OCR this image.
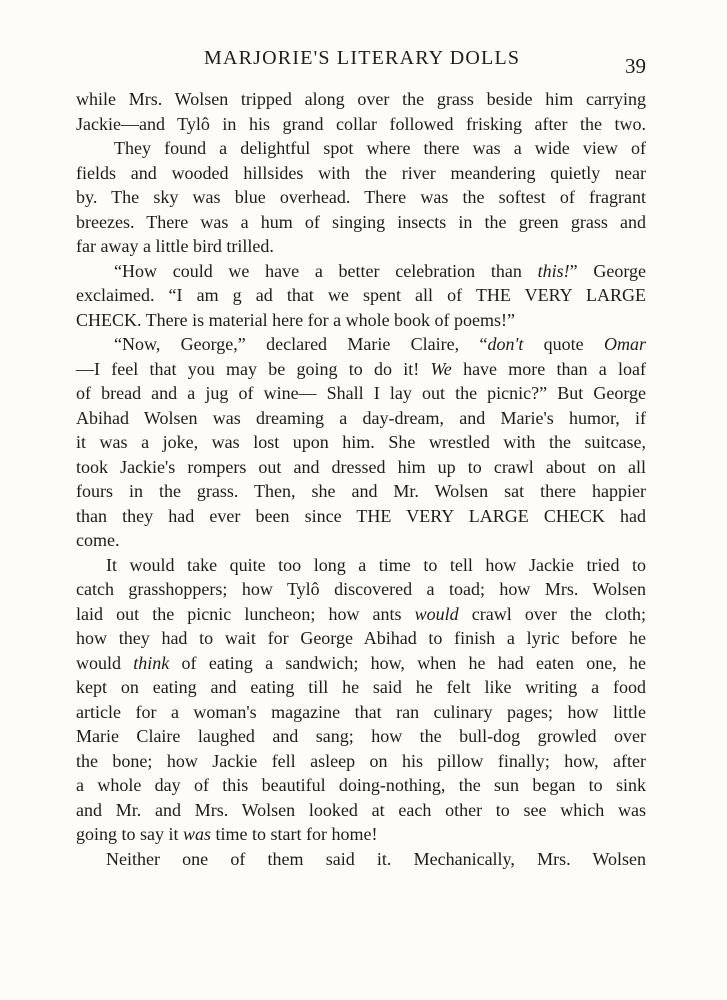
MARJORIE'S LITERARY DOLLS	39
while Mrs. Wolsen tripped along over the grass beside him carrying
Jackie—and Tylô in his grand collar followed frisking after the two.
They found a delightful spot where there was a wide view of
fields and wooded hillsides with the river meandering quietly near
by. The sky was blue overhead. There was the softest of fragrant
breezes. There was a hum of singing insects in the green grass and
far away a little bird trilled.
“How could we have a better celebration than this!” George
exclaimed. “I am g ad that we spent all of THE VERY LARGE
CHECK. There is material here for a whole book of poems!”
“Now, George,” declared Marie Claire, “don't quote Omar
—I feel that you may be going to do it! We have more than a loaf
of bread and a jug of wine— Shall I lay out the picnic?” But George
Abihad Wolsen was dreaming a day-dream, and Marie's humor, if
it was a joke, was lost upon him. She wrestled with the suitcase,
took Jackie's rompers out and dressed him up to crawl about on all
fours in the grass. Then, she and Mr. Wolsen sat there happier
than they had ever been since THE VERY LARGE CHECK had
come.
It would take quite too long a time to tell how Jackie tried to
catch grasshoppers; how Tylô discovered a toad; how Mrs. Wolsen
laid out the picnic luncheon; how ants would crawl over the cloth;
how they had to wait for George Abihad to finish a lyric before he
would think of eating a sandwich; how, when he had eaten one, he
kept on eating and eating till he said he felt like writing a food
article for a woman's magazine that ran culinary pages; how little
Marie Claire laughed and sang; how the bull-dog growled over
the bone; how Jackie fell asleep on his pillow finally; how, after
a whole day of this beautiful doing-nothing, the sun began to sink
and Mr. and Mrs. Wolsen looked at each other to see which was
going to say it was time to start for home!
Neither one of them said it. Mechanically, Mrs. Wolsen
